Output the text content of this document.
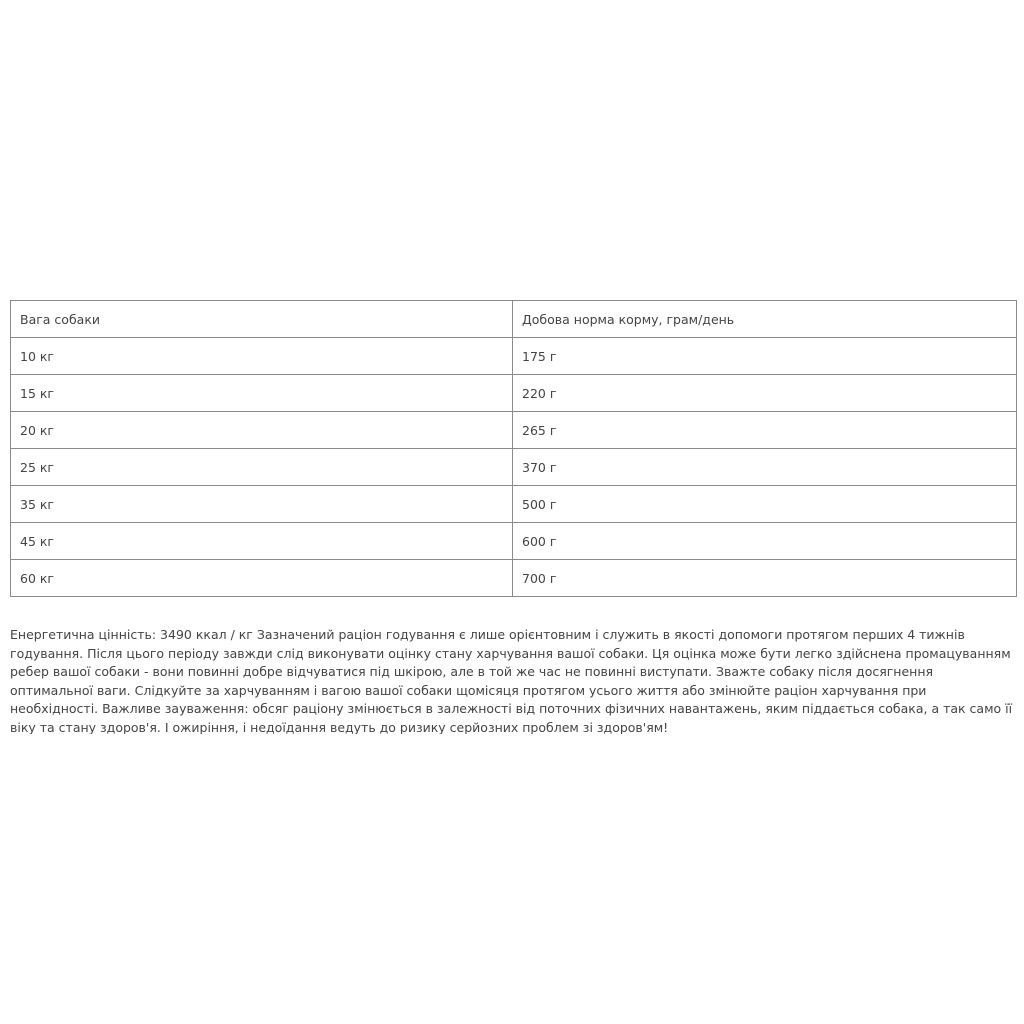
Вага собаки	Добова норма корму, грам/день
10 кг	175 г
15 кг	220 г
20 кг	265 г
25 кг	370 г
35 кг	500 г
45 кг	600 г
60 кг	700 г

Енергетична цінність: 3490 ккал / кг Зазначений раціон годування є лише орієнтовним і служить в якості допомоги протягом перших 4 тижнів годування. Після цього періоду завжди слід виконувати оцінку стану харчування вашої собаки. Ця оцінка може бути легко здійснена промацуванням ребер вашої собаки - вони повинні добре відчуватися під шкірою, але в той же час не повинні виступати. Зважте собаку після досягнення оптимальної ваги. Слідкуйте за харчуванням і вагою вашої собаки щомісяця протягом усього життя або змінюйте раціон харчування при необхідності. Важливе зауваження: обсяг раціону змінюється в залежності від поточних фізичних навантажень, яким піддається собака, а так само її віку та стану здоров'я. І ожиріння, і недоїдання ведуть до ризику серйозних проблем зі здоров'ям!
